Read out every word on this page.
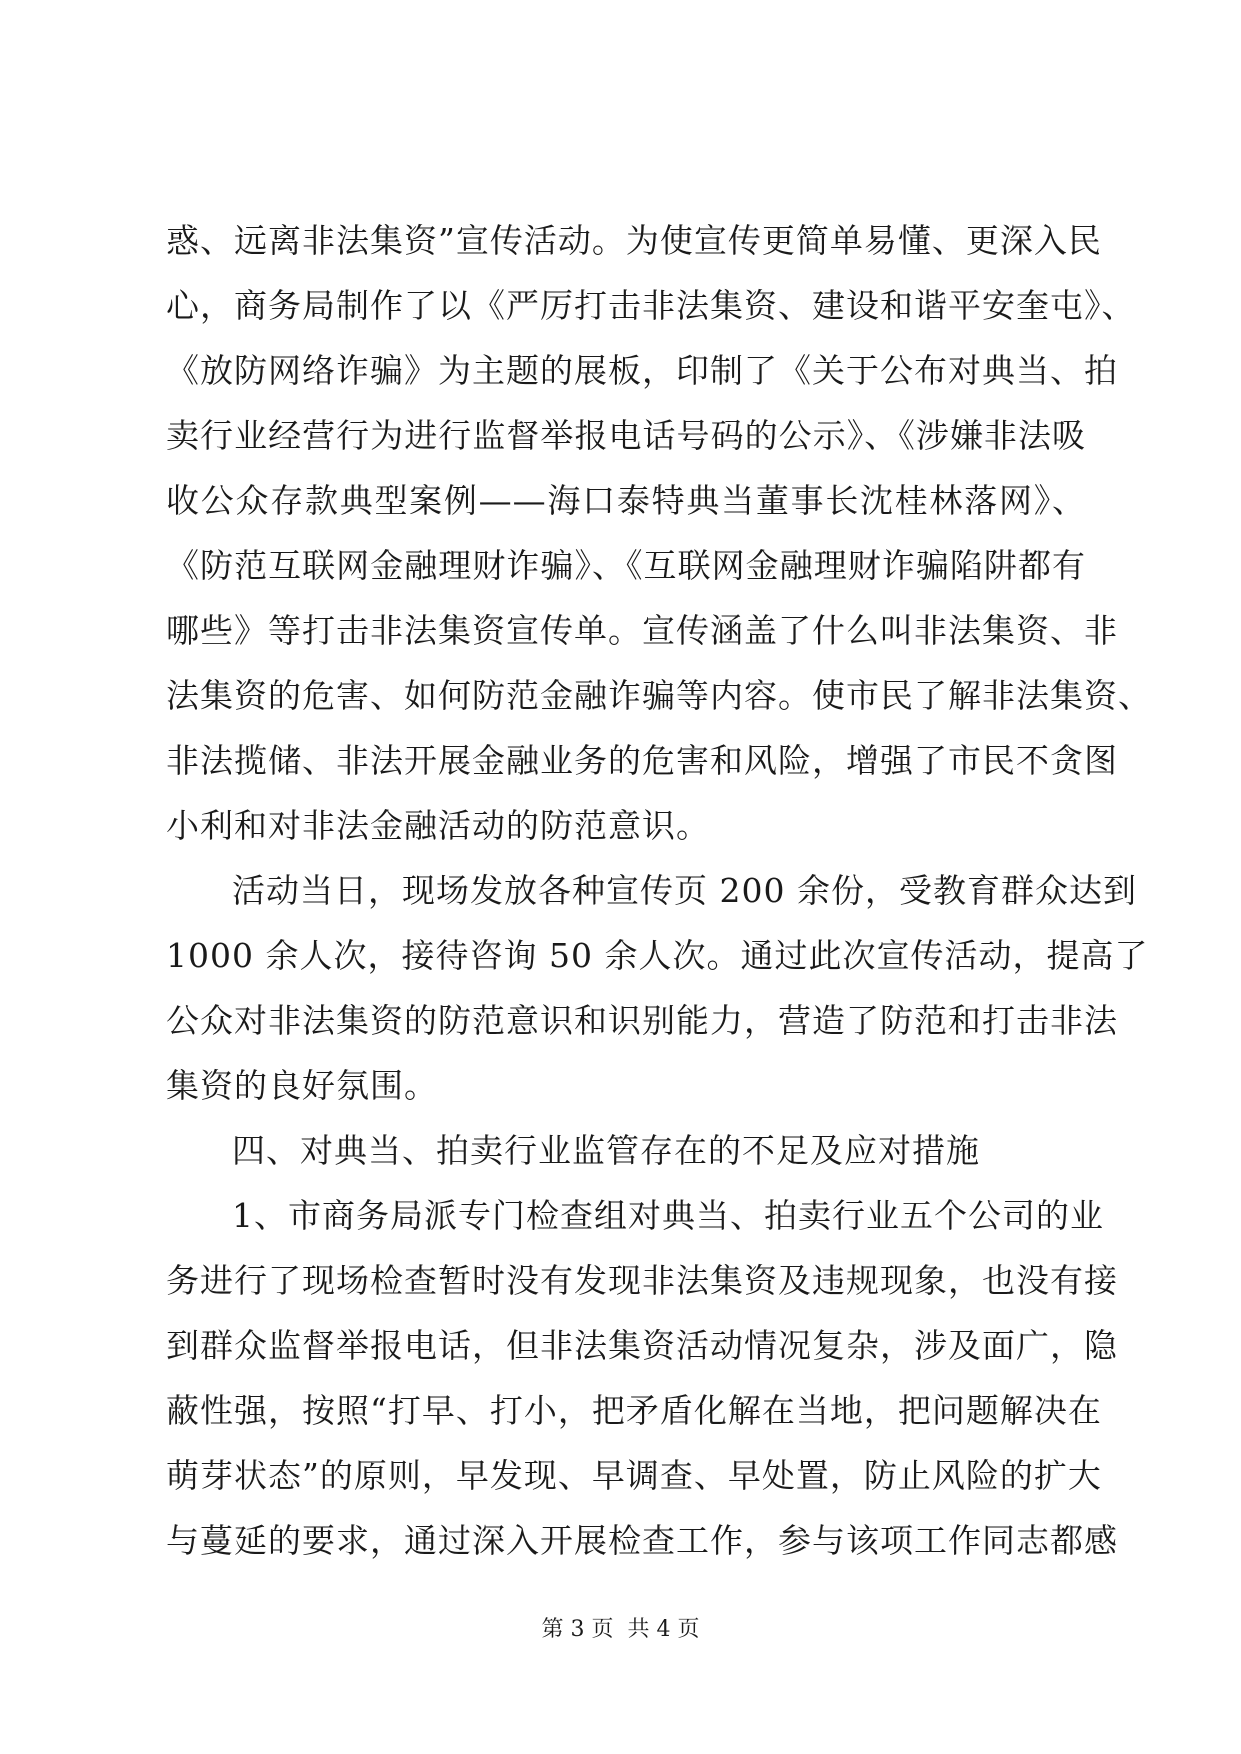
惑、远离非法集资”宣传活动。为使宣传更简单易懂、更深入民
心，商务局制作了以《严厉打击非法集资、建设和谐平安奎屯》、
《放防网络诈骗》为主题的展板，印制了《关于公布对典当、拍
卖行业经营行为进行监督举报电话号码的公示》、《涉嫌非法吸
收公众存款典型案例——海口泰特典当董事长沈桂林落网》、
《防范互联网金融理财诈骗》、《互联网金融理财诈骗陷阱都有
哪些》等打击非法集资宣传单。宣传涵盖了什么叫非法集资、非
法集资的危害、如何防范金融诈骗等内容。使市民了解非法集资、
非法揽储、非法开展金融业务的危害和风险，增强了市民不贪图
小利和对非法金融活动的防范意识。
活动当日，现场发放各种宣传页 200 余份，受教育群众达到
1000 余人次，接待咨询 50 余人次。通过此次宣传活动，提高了
公众对非法集资的防范意识和识别能力，营造了防范和打击非法
集资的良好氛围。
四、对典当、拍卖行业监管存在的不足及应对措施
1、市商务局派专门检查组对典当、拍卖行业五个公司的业
务进行了现场检查暂时没有发现非法集资及违规现象，也没有接
到群众监督举报电话，但非法集资活动情况复杂，涉及面广，隐
蔽性强，按照“打早、打小，把矛盾化解在当地，把问题解决在
萌芽状态”的原则，早发现、早调查、早处置，防止风险的扩大
与蔓延的要求，通过深入开展检查工作，参与该项工作同志都感
第 3 页  共 4 页
